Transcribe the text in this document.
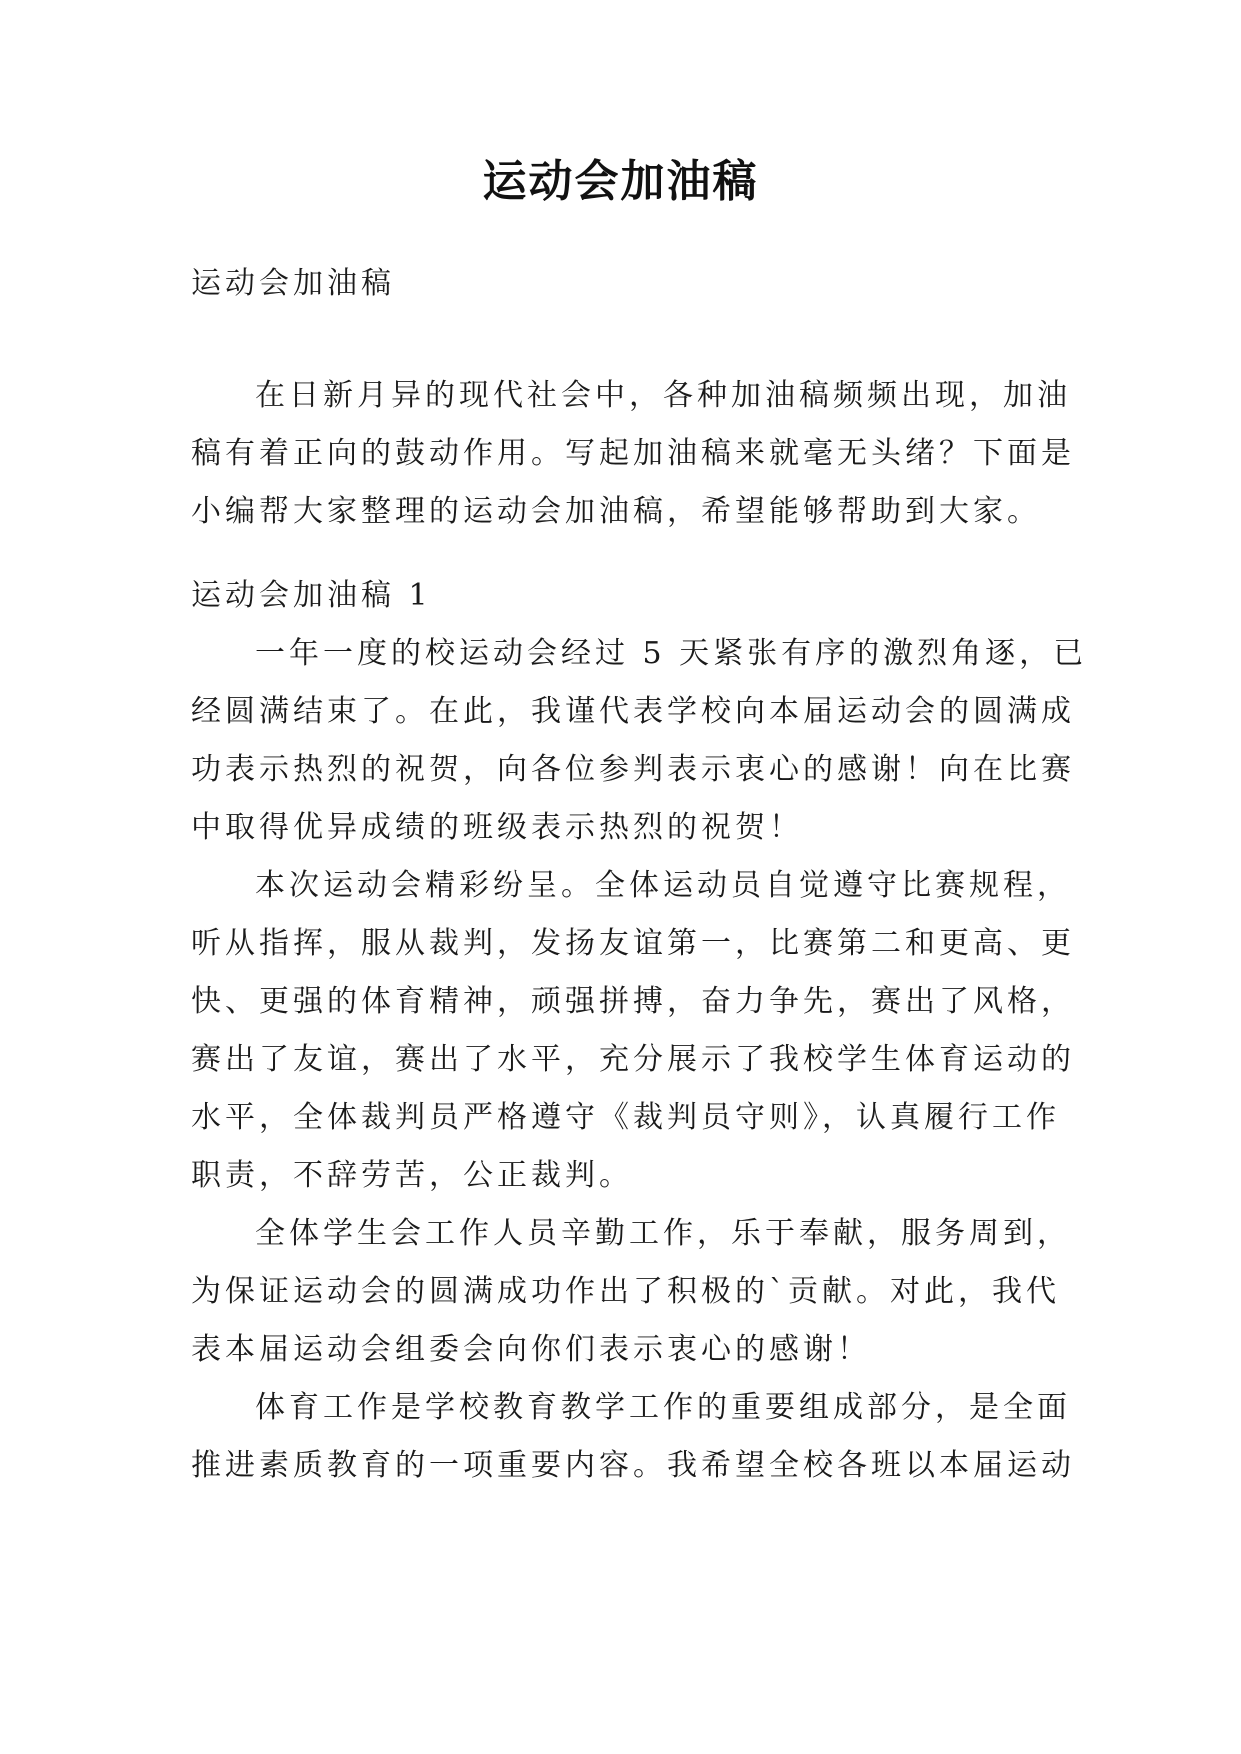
运动会加油稿

运动会加油稿

在日新月异的现代社会中，各种加油稿频频出现，加油
稿有着正向的鼓动作用。写起加油稿来就毫无头绪？下面是
小编帮大家整理的运动会加油稿，希望能够帮助到大家。

运动会加油稿 1

一年一度的校运动会经过 5 天紧张有序的激烈角逐，已
经圆满结束了。在此，我谨代表学校向本届运动会的圆满成
功表示热烈的祝贺，向各位参判表示衷心的感谢！向在比赛
中取得优异成绩的班级表示热烈的祝贺！

本次运动会精彩纷呈。全体运动员自觉遵守比赛规程，
听从指挥，服从裁判，发扬友谊第一，比赛第二和更高、更
快、更强的体育精神，顽强拼搏，奋力争先，赛出了风格，
赛出了友谊，赛出了水平，充分展示了我校学生体育运动的
水平，全体裁判员严格遵守《裁判员守则》，认真履行工作
职责，不辞劳苦，公正裁判。

全体学生会工作人员辛勤工作，乐于奉献，服务周到，
为保证运动会的圆满成功作出了积极的`贡献。对此，我代
表本届运动会组委会向你们表示衷心的感谢！

体育工作是学校教育教学工作的重要组成部分，是全面
推进素质教育的一项重要内容。我希望全校各班以本届运动
